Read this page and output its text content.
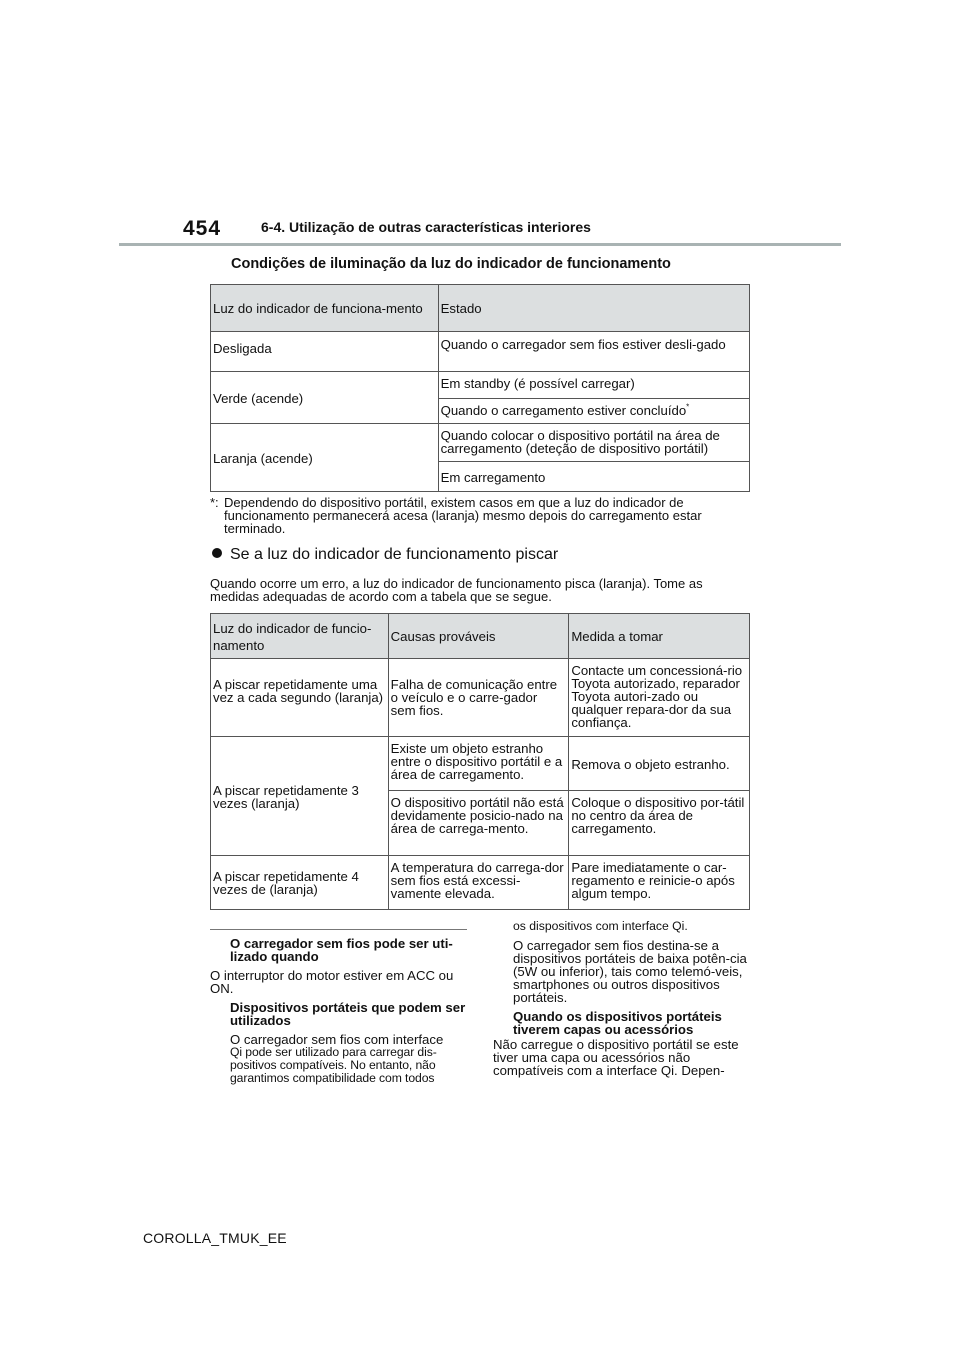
454	6-4. Utilização de outras características interiores
Condições de iluminação da luz do indicador de funcionamento
Luz do indicador de funciona-mento	Estado
Desligada	Quando o carregador sem fios estiver desli-gado
Verde (acende)	Em standby (é possível carregar)
	Quando o carregamento estiver concluído*
Laranja (acende)	Quando colocar o dispositivo portátil na área de carregamento (deteção de dispositivo portátil)
	Em carregamento
*: Dependendo do dispositivo portátil, existem casos em que a luz do indicador de funcionamento permanecerá acesa (laranja) mesmo depois do carregamento estar terminado.
Se a luz do indicador de funcionamento piscar
Quando ocorre um erro, a luz do indicador de funcionamento pisca (laranja). Tome as medidas adequadas de acordo com a tabela que se segue.
Luz do indicador de funcio-namento	Causas prováveis	Medida a tomar
A piscar repetidamente uma vez a cada segundo (laranja)	Falha de comunicação entre o veículo e o carre-gador sem fios.	Contacte um concessioná-rio Toyota autorizado, reparador Toyota autori-zado ou qualquer repara-dor da sua confiança.
A piscar repetidamente 3 vezes (laranja)	Existe um objeto estranho entre o dispositivo portátil e a área de carregamento.	Remova o objeto estranho.
	O dispositivo portátil não está devidamente posicio-nado na área de carrega-mento.	Coloque o dispositivo por-tátil no centro da área de carregamento.
A piscar repetidamente 4 vezes de (laranja)	A temperatura do carrega-dor sem fios está excessi-vamente elevada.	Pare imediatamente o car-regamento e reinicie-o após algum tempo.
O carregador sem fios pode ser uti-lizado quando
O interruptor do motor estiver em ACC ou ON.
Dispositivos portáteis que podem ser utilizados
O carregador sem fios com interface
Qi pode ser utilizado para carregar dis-positivos compatíveis. No entanto, não garantimos compatibilidade com todos
os dispositivos com interface Qi.
O carregador sem fios destina-se a dispositivos portáteis de baixa potên-cia (5W ou inferior), tais como telemó-veis, smartphones ou outros dispositivos portáteis.
Quando os dispositivos portáteis tiverem capas ou acessórios
Não carregue o dispositivo portátil se este tiver uma capa ou acessórios não compatíveis com a interface Qi. Depen-
COROLLA_TMUK_EE
